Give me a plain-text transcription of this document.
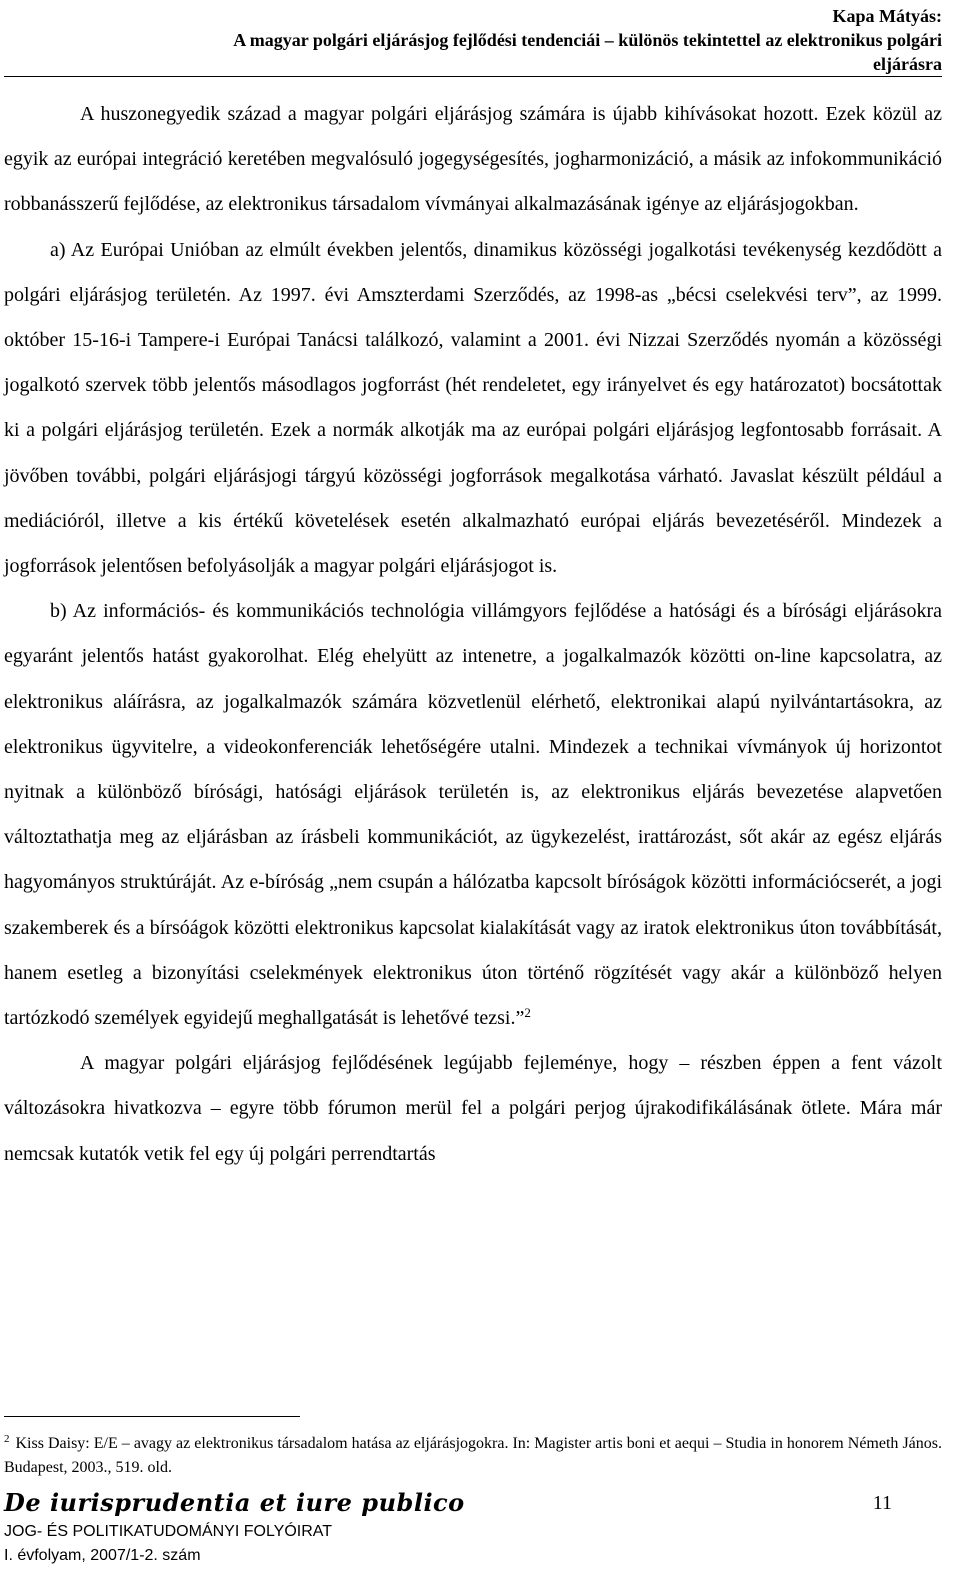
Kapa Mátyás:
A magyar polgári eljárásjog fejlődési tendenciái – különös tekintettel az elektronikus polgári
eljárásra

A huszonegyedik század a magyar polgári eljárásjog számára is újabb kihívásokat hozott. Ezek közül az egyik az európai integráció keretében megvalósuló jogegységesítés, jogharmonizáció, a másik az infokommunikáció robbanásszerű fejlődése, az elektronikus társadalom vívmányai alkalmazásának igénye az eljárásjogokban.

a) Az Európai Unióban az elmúlt években jelentős, dinamikus közösségi jogalkotási tevékenység kezdődött a polgári eljárásjog területén. Az 1997. évi Amszterdami Szerződés, az 1998-as „bécsi cselekvési terv”, az 1999. október 15-16-i Tampere-i Európai Tanácsi találkozó, valamint a 2001. évi Nizzai Szerződés nyomán a közösségi jogalkotó szervek több jelentős másodlagos jogforrást (hét rendeletet, egy irányelvet és egy határozatot) bocsátottak ki a polgári eljárásjog területén. Ezek a normák alkotják ma az európai polgári eljárásjog legfontosabb forrásait. A jövőben további, polgári eljárásjogi tárgyú közösségi jogforrások megalkotása várható. Javaslat készült például a mediációról, illetve a kis értékű követelések esetén alkalmazható európai eljárás bevezetéséről. Mindezek a jogforrások jelentősen befolyásolják a magyar polgári eljárásjogot is.

b) Az információs- és kommunikációs technológia villámgyors fejlődése a hatósági és a bírósági eljárásokra egyaránt jelentős hatást gyakorolhat. Elég ehelyütt az intenetre, a jogalkalmazók közötti on-line kapcsolatra, az elektronikus aláírásra, az jogalkalmazók számára közvetlenül elérhető, elektronikai alapú nyilvántartásokra, az elektronikus ügyvitelre, a videokonferenciák lehetőségére utalni. Mindezek a technikai vívmányok új horizontot nyitnak a különböző bírósági, hatósági eljárások területén is, az elektronikus eljárás bevezetése alapvetően változtathatja meg az eljárásban az írásbeli kommunikációt, az ügykezelést, irattározást, sőt akár az egész eljárás hagyományos struktúráját. Az e-bíróság „nem csupán a hálózatba kapcsolt bíróságok közötti információcserét, a jogi szakemberek és a bírsóágok közötti elektronikus kapcsolat kialakítását vagy az iratok elektronikus úton továbbítását, hanem esetleg a bizonyítási cselekmények elektronikus úton történő rögzítését vagy akár a különböző helyen tartózkodó személyek egyidejű meghallgatását is lehetővé tezsi.”$^2$

A magyar polgári eljárásjog fejlődésének legújabb fejleménye, hogy – részben éppen a fent vázolt változásokra hivatkozva – egyre több fórumon merül fel a polgári perjog újrakodifikálásának ötlete. Mára már nemcsak kutatók vetik fel egy új polgári perrendtartás

$^2$ Kiss Daisy: E/E – avagy az elektronikus társadalom hatása az eljárásjogokra. In: Magister artis boni et aequi – Studia in honorem Németh János. Budapest, 2003., 519. old.
De iurisprudentia et iure publico	11
JOG- ÉS POLITIKATUDOMÁNYI FOLYÓIRAT
I. évfolyam, 2007/1-2. szám
